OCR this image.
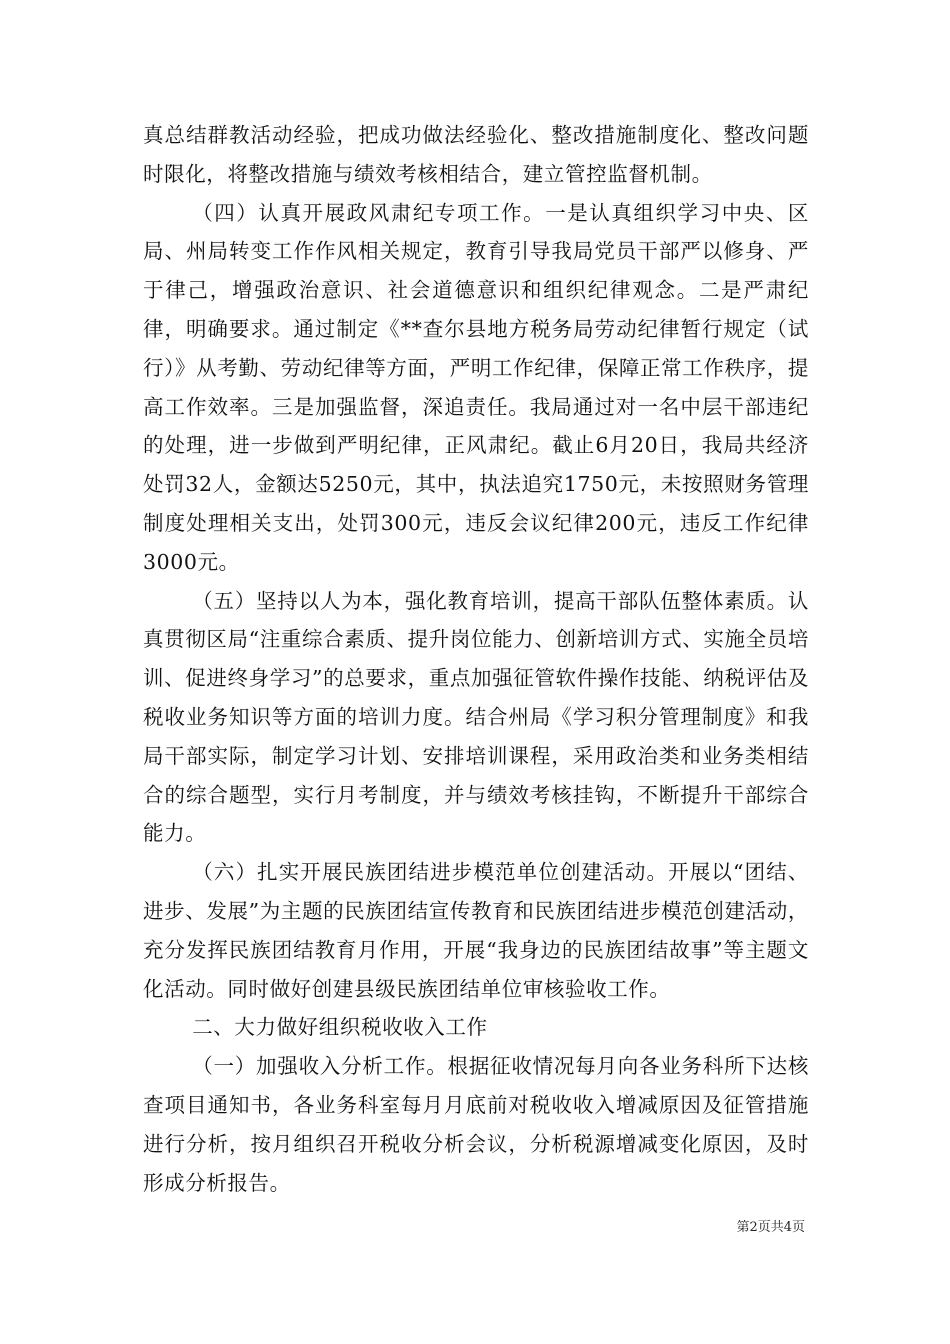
真总结群教活动经验，把成功做法经验化、整改措施制度化、整改问题时限化，将整改措施与绩效考核相结合，建立管控监督机制。

（四）认真开展政风肃纪专项工作。一是认真组织学习中央、区局、州局转变工作作风相关规定，教育引导我局党员干部严以修身、严于律己，增强政治意识、社会道德意识和组织纪律观念。二是严肃纪律，明确要求。通过制定《**查尔县地方税务局劳动纪律暂行规定（试行）》从考勤、劳动纪律等方面，严明工作纪律，保障正常工作秩序，提高工作效率。三是加强监督，深追责任。我局通过对一名中层干部违纪的处理，进一步做到严明纪律，正风肃纪。截止6月20日，我局共经济处罚32人，金额达5250元，其中，执法追究1750元，未按照财务管理制度处理相关支出，处罚300元，违反会议纪律200元，违反工作纪律3000元。

（五）坚持以人为本，强化教育培训，提高干部队伍整体素质。认真贯彻区局“注重综合素质、提升岗位能力、创新培训方式、实施全员培训、促进终身学习”的总要求，重点加强征管软件操作技能、纳税评估及税收业务知识等方面的培训力度。结合州局《学习积分管理制度》和我局干部实际，制定学习计划、安排培训课程，采用政治类和业务类相结合的综合题型，实行月考制度，并与绩效考核挂钩，不断提升干部综合能力。

（六）扎实开展民族团结进步模范单位创建活动。开展以“团结、进步、发展”为主题的民族团结宣传教育和民族团结进步模范创建活动，充分发挥民族团结教育月作用，开展“我身边的民族团结故事”等主题文化活动。同时做好创建县级民族团结单位审核验收工作。

二、大力做好组织税收收入工作

（一）加强收入分析工作。根据征收情况每月向各业务科所下达核查项目通知书，各业务科室每月月底前对税收收入增减原因及征管措施进行分析，按月组织召开税收分析会议，分析税源增减变化原因，及时形成分析报告。

第2页共4页
